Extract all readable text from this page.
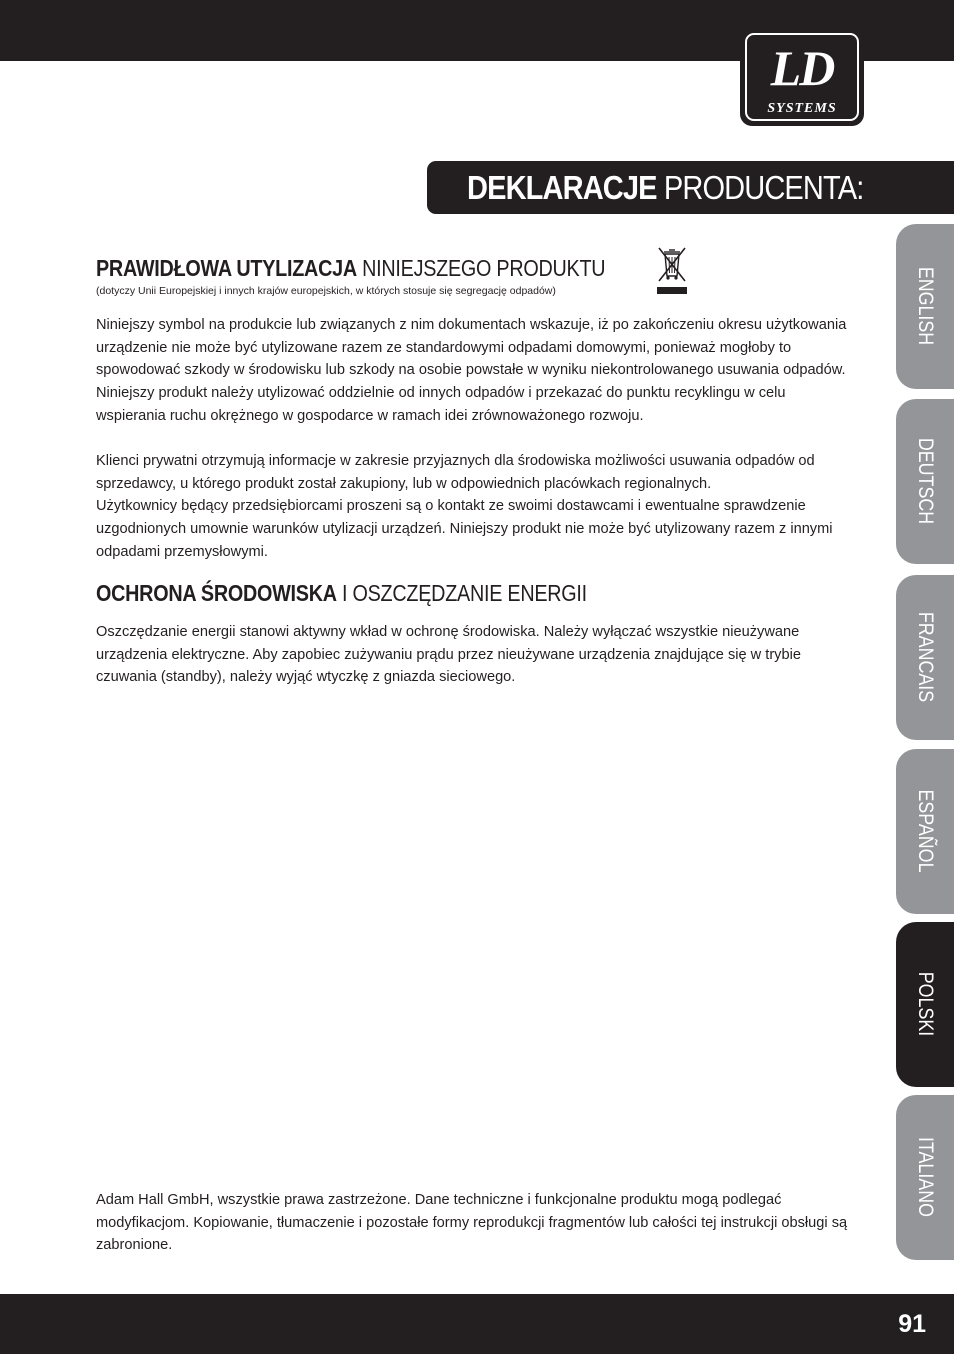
LD
SYSTEMS
DEKLARACJE PRODUCENTA:
ENGLISH
DEUTSCH
FRANCAIS
ESPAÑOL
POLSKI
ITALIANO
PRAWIDŁOWA UTYLIZACJA NINIEJSZEGO PRODUKTU
(dotyczy Unii Europejskiej i innych krajów europejskich, w których stosuje się segregację odpadów)
Niniejszy symbol na produkcie lub związanych z nim dokumentach wskazuje, iż po zakończeniu okresu użytkowania urządzenie nie może być utylizowane razem ze standardowymi odpadami domowymi, ponieważ mogłoby to spowodować szkody w środowisku lub szkody na osobie powstałe w wyniku niekontrolowanego usuwania odpadów. Niniejszy produkt należy utylizować oddzielnie od innych odpadów i przekazać do punktu recyklingu w celu wspierania ruchu okrężnego w gospodarce w ramach idei zrównoważonego rozwoju.

Klienci prywatni otrzymują informacje w zakresie przyjaznych dla środowiska możliwości usuwania odpadów od sprzedawcy, u którego produkt został zakupiony, lub w odpowiednich placówkach regionalnych.

Użytkownicy będący przedsiębiorcami proszeni są o kontakt ze swoimi dostawcami i ewentualne sprawdzenie uzgodnionych umownie warunków utylizacji urządzeń. Niniejszy produkt nie może być utylizowany razem z innymi odpadami przemysłowymi.

OCHRONA ŚRODOWISKA I OSZCZĘDZANIE ENERGII
Oszczędzanie energii stanowi aktywny wkład w ochronę środowiska. Należy wyłączać wszystkie nieużywane urządzenia elektryczne. Aby zapobiec zużywaniu prądu przez nieużywane urządzenia znajdujące się w trybie czuwania (standby), należy wyjąć wtyczkę z gniazda sieciowego.
Adam Hall GmbH, wszystkie prawa zastrzeżone. Dane techniczne i funkcjonalne produktu mogą podlegać modyfikacjom. Kopiowanie, tłumaczenie i pozostałe formy reprodukcji fragmentów lub całości tej instrukcji obsługi są zabronione.
91
